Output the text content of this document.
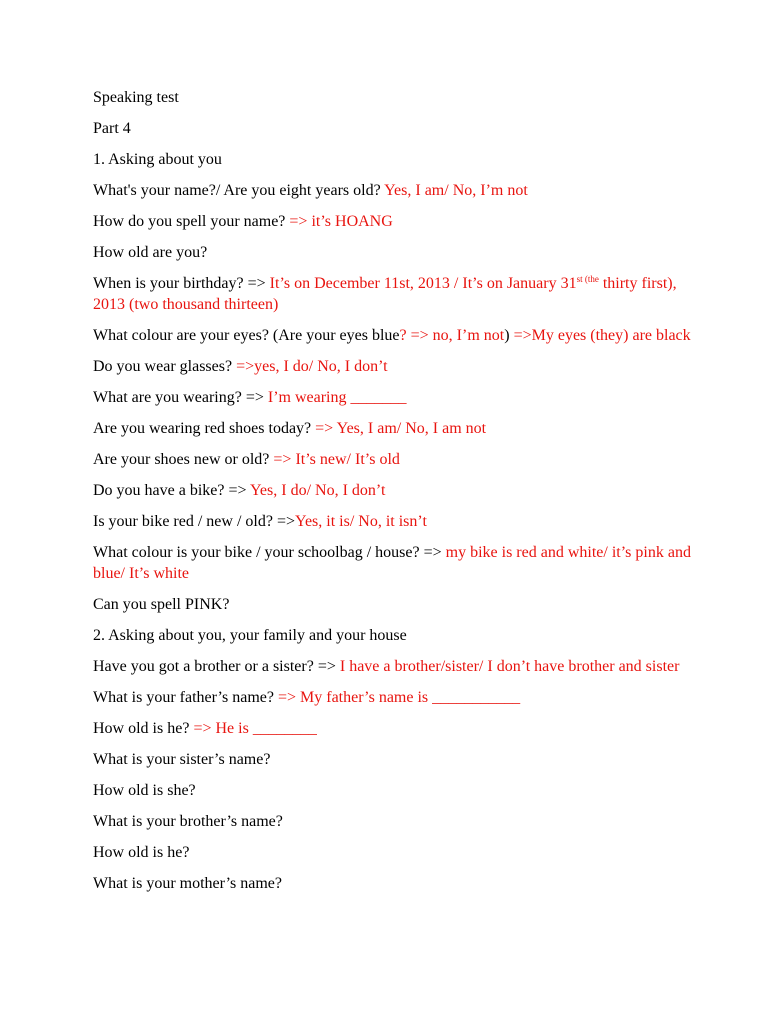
Speaking test

Part 4

1. Asking about you

What's your name?/ Are you eight years old? Yes, I am/ No, I’m not

How do you spell your name? => it’s HOANG

How old are you?

When is your birthday? => It’s on December 11st, 2013 / It’s on January $31^{st (the}$ thirty first), 2013 (two thousand thirteen)

What colour are your eyes? (Are your eyes blue? => no, I’m not) =>My eyes (they) are black

Do you wear glasses? =>yes, I do/ No, I don’t

What are you wearing? => I’m wearing _______

Are you wearing red shoes today? => Yes, I am/ No, I am not

Are your shoes new or old? => It’s new/ It’s old

Do you have a bike? => Yes, I do/ No, I don’t

Is your bike red / new / old? =>Yes, it is/ No, it isn’t

What colour is your bike / your schoolbag / house? => my bike is red and white/ it’s pink and blue/ It’s white

Can you spell PINK?

2. Asking about you, your family and your house

Have you got a brother or a sister? => I have a brother/sister/ I don’t have brother and sister

What is your father’s name? => My father’s name is ___________

How old is he? => He is ________

What is your sister’s name?

How old is she?

What is your brother’s name?

How old is he?

What is your mother’s name?
